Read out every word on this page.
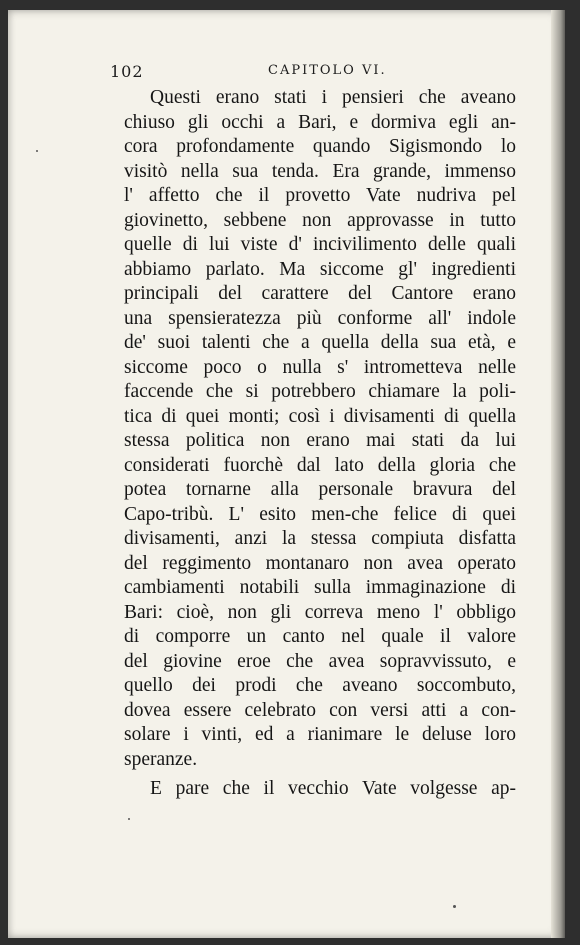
102	CAPITOLO VI.
Questi erano stati i pensieri che aveano
chiuso gli occhi a Bari, e dormiva egli an-
cora profondamente quando Sigismondo lo
visitò nella sua tenda. Era grande, immenso
l' affetto che il provetto Vate nudriva pel
giovinetto, sebbene non approvasse in tutto
quelle di lui viste d' incivilimento delle quali
abbiamo parlato. Ma siccome gl' ingredienti
principali del carattere del Cantore erano
una spensieratezza più conforme all' indole
de' suoi talenti che a quella della sua età, e
siccome poco o nulla s' intrometteva nelle
faccende che si potrebbero chiamare la poli-
tica di quei monti; così i divisamenti di quella
stessa politica non erano mai stati da lui
considerati fuorchè dal lato della gloria che
potea tornarne alla personale bravura del
Capo-tribù. L' esito men-che felice di quei
divisamenti, anzi la stessa compiuta disfatta
del reggimento montanaro non avea operato
cambiamenti notabili sulla immaginazione di
Bari: cioè, non gli correva meno l' obbligo
di comporre un canto nel quale il valore
del giovine eroe che avea sopravvissuto, e
quello dei prodi che aveano soccombuto,
dovea essere celebrato con versi atti a con-
solare i vinti, ed a rianimare le deluse loro
speranze.
E pare che il vecchio Vate volgesse ap-
